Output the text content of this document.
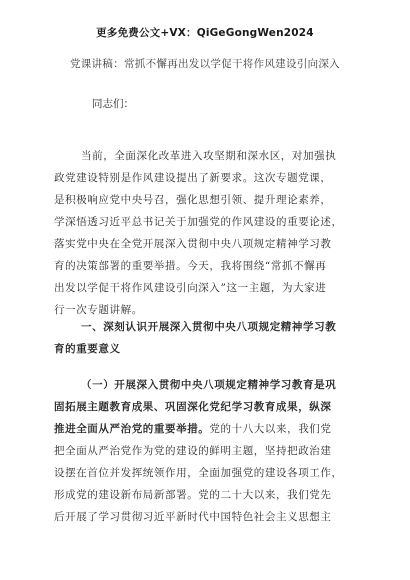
更多免费公文+VX：QiGeGongWen2024
党课讲稿：常抓不懈再出发以学促干将作风建设引向深入
同志们：
当前，全面深化改革进入攻坚期和深水区，对加强执
政党建设特别是作风建设提出了新要求。这次专题党课，
是积极响应党中央号召，强化思想引领、提升理论素养，
学深悟透习近平总书记关于加强党的作风建设的重要论述，
落实党中央在全党开展深入贯彻中央八项规定精神学习教
育的决策部署的重要举措。今天，我将围绕“常抓不懈再
出发以学促干将作风建设引向深入”这一主题，为大家进
行一次专题讲解。
一、深刻认识开展深入贯彻中央八项规定精神学习教
育的重要意义
（一）开展深入贯彻中央八项规定精神学习教育是巩
固拓展主题教育成果、巩固深化党纪学习教育成果，纵深
推进全面从严治党的重要举措。党的十八大以来，我们党
把全面从严治党作为党的建设的鲜明主题，坚持把政治建
设摆在首位并发挥统领作用，全面加强党的建设各项工作，
形成党的建设新布局新部署。党的二十大以来，我们党先
后开展了学习贯彻习近平新时代中国特色社会主义思想主
